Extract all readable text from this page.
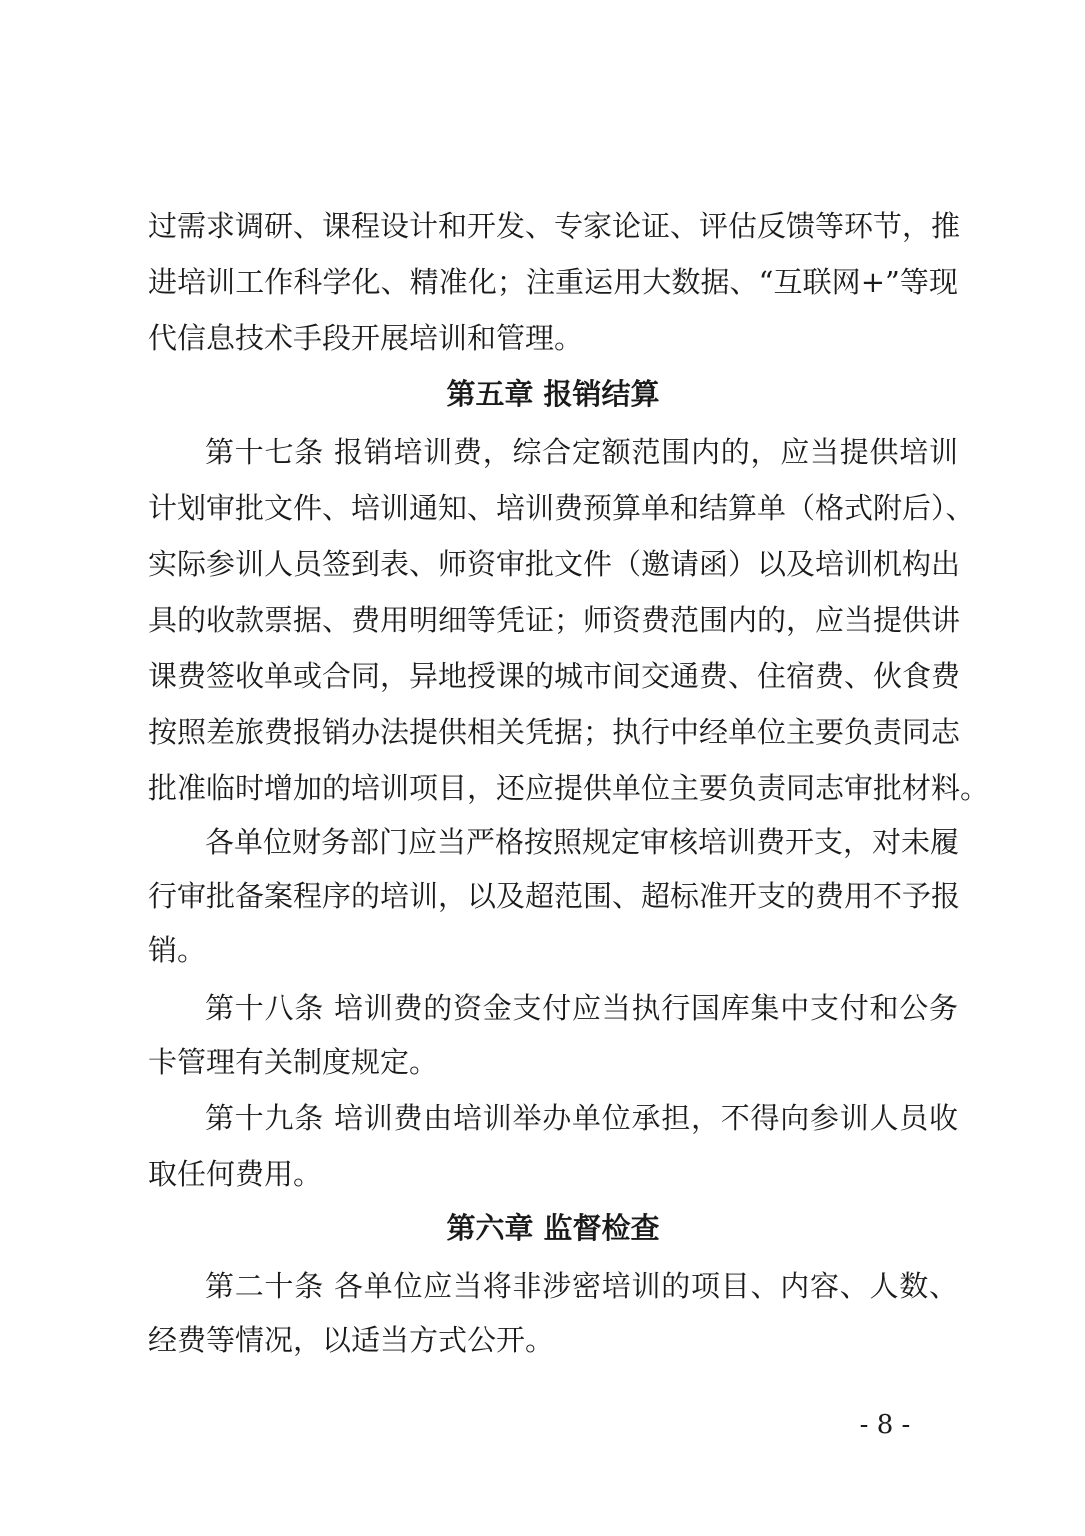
过需求调研、课程设计和开发、专家论证、评估反馈等环节，推
进培训工作科学化、精准化；注重运用大数据、“互联网+”等现
代信息技术手段开展培训和管理。
第五章 报销结算
第十七条 报销培训费，综合定额范围内的，应当提供培训
计划审批文件、培训通知、培训费预算单和结算单（格式附后）、
实际参训人员签到表、师资审批文件（邀请函）以及培训机构出
具的收款票据、费用明细等凭证；师资费范围内的，应当提供讲
课费签收单或合同，异地授课的城市间交通费、住宿费、伙食费
按照差旅费报销办法提供相关凭据；执行中经单位主要负责同志
批准临时增加的培训项目，还应提供单位主要负责同志审批材料。
各单位财务部门应当严格按照规定审核培训费开支，对未履
行审批备案程序的培训，以及超范围、超标准开支的费用不予报
销。
第十八条 培训费的资金支付应当执行国库集中支付和公务
卡管理有关制度规定。
第十九条 培训费由培训举办单位承担，不得向参训人员收
取任何费用。
第六章 监督检查
第二十条 各单位应当将非涉密培训的项目、内容、人数、
经费等情况，以适当方式公开。
- 8 -
